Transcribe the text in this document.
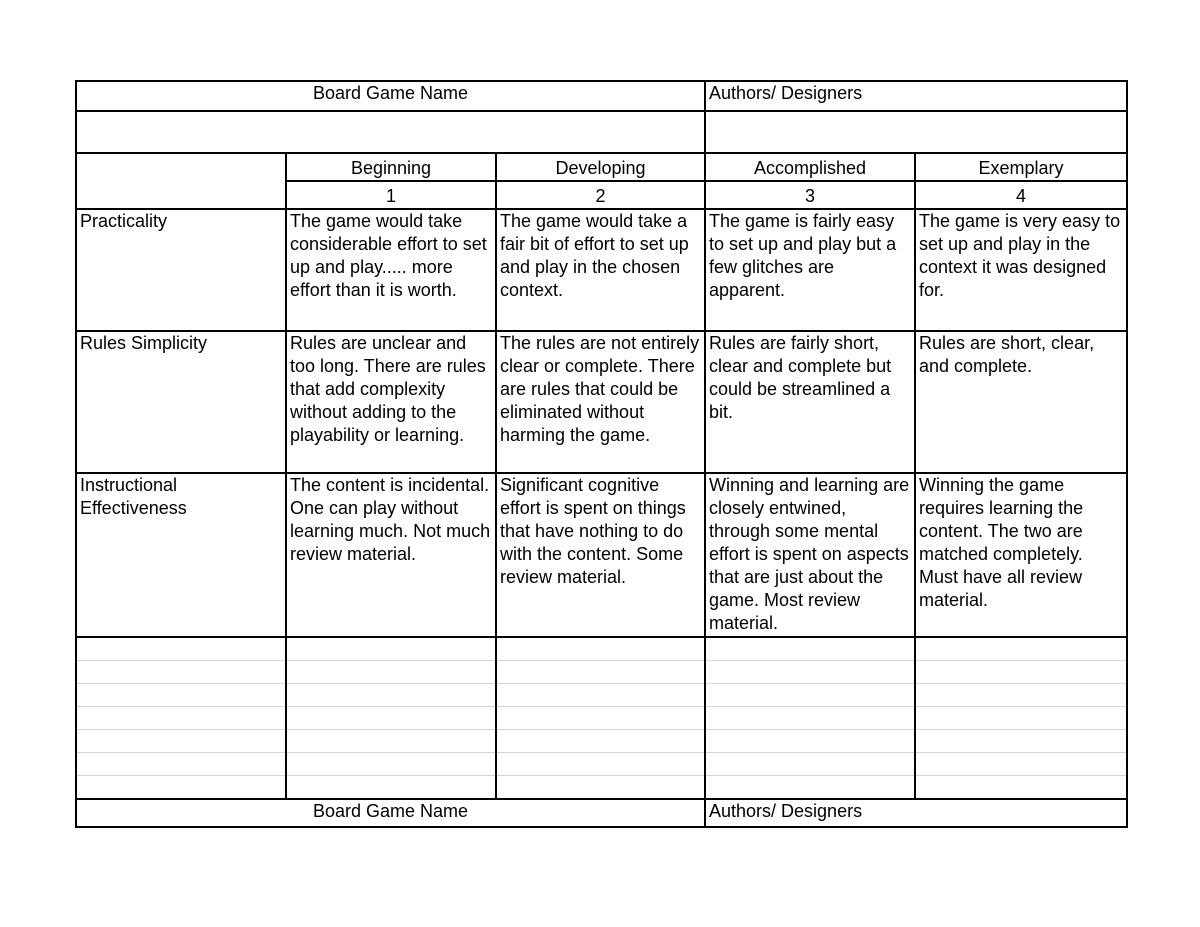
Board Game Name			Authors/ Designers	

	Beginning	Developing	Accomplished	Exemplary
	1	2	3	4
Practicality	The game would take considerable effort to set up and play..... more effort than it is worth.	The game would take a fair bit of effort to set up and play in the chosen context.	The game is fairly easy to set up and play but a few glitches are apparent.	The game is very easy to set up and play in the context it was designed for.
Rules Simplicity	Rules are unclear and too long. There are rules that add complexity without adding to the playability or learning.	The rules are not entirely clear or complete. There are rules that could be eliminated without harming the game.	Rules are fairly short, clear and complete but could be streamlined a bit.	Rules are short, clear, and complete.
Instructional Effectiveness	The content is incidental. One can play without learning much. Not much review material.	Significant cognitive effort is spent on things that have nothing to do with the content. Some review material.	Winning and learning are closely entwined, through some mental effort is spent on aspects that are just about the game. Most review material.	Winning the game requires learning the content. The two are matched completely. Must have all review material.

Board Game Name			Authors/ Designers	
